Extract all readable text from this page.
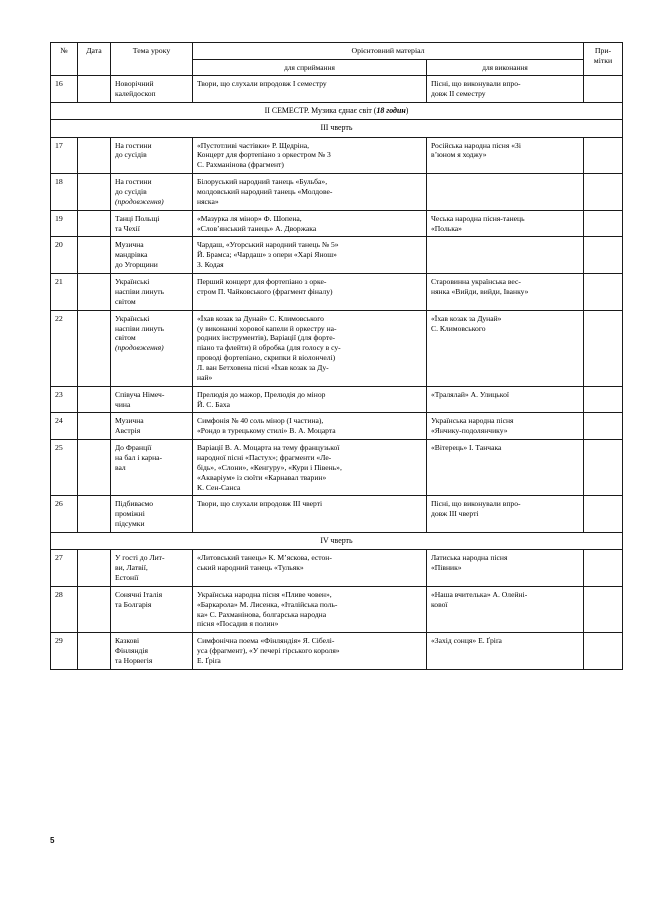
№	Дата	Тема уроку	Орієнтовний матеріал		При-
мітки
			для сприймання	для виконання	
16		Новорічний
калейдоскоп	Твори, що слухали впродовж I семестру	Пісні, що виконували впро-
довж II семестру	
II СЕМЕСТР. Музика єднає світ (18 годин)					
III чверть					
17		На гостини
до сусідів	«Пустотливі частівки» Р. Щедріна,
Концерт для фортепіано з оркестром № 3
С. Рахманінова (фрагмент)	Російська народна пісня «Зі
в’юном я ходжу»	
18		На гостини
до сусідів
(продовження)	Білоруський народний танець «Бульба»,
молдовський народний танець «Молдове-
няска»		
19		Танці Польщі
та Чехії	«Мазурка ля мінор» Ф. Шопена,
«Слов’янський танець» А. Дворжака	Чеська народна пісня-танець
«Полька»	
20		Музична
мандрівка
до Угорщини	Чардаш, «Угорський народний танець № 5»
Й. Брамса; «Чардаш» з опери «Харі Янош»
З. Кодая		
21		Українські
наспіви линуть
світом	Перший концерт для фортепіано з орке-
стром П. Чайковського (фрагмент фіналу)	Старовинна українська вес-
нянка «Вийди, вийди, Іванку»	
22		Українські
наспіви линуть
світом
(продовження)	«Їхав козак за Дунай» С. Климовського
(у виконанні хорової капели й оркестру на-
родних інструментів), Варіації (для форте-
піано та флейти) й обробка (для голосу в су-
проводі фортепіано, скрипки й віолончелі)
Л. ван Бетховена пісні «Їхав козак за Ду-
най»	«Їхав козак за Дунай»
С. Климовського	
23		Співуча Німеч-
чина	Прелюдія до мажор, Прелюдія до мінор
Й. С. Баха	«Тралялай» А. Улицької	
24		Музична
Австрія	Симфонія № 40 соль мінор (I частина),
«Рондо в турецькому стилі» В. А. Моцарта	Українська народна пісня
«Янчику-подолянчику»	
25		До Франції
на бал і карна-
вал	Варіації В. А. Моцарта на тему французької
народної пісні «Пастух»; фрагменти «Ле-
бідь», «Слони», «Кенгуру», «Кури і Півень»,
«Акваріум» із сюїти «Карнавал тварин»
К. Сен-Санса	«Вітерець» I. Танчака	
26		Підбиваємо
проміжні
підсумки	Твори, що слухали впродовж III чверті	Пісні, що виконували впро-
довж III чверті	
IV чверть					
27		У гості до Лит-
ви, Латвії,
Естонії	«Литовський танець» К. М’яскова, естон-
ський народний танець «Тульяк»	Латиська народна пісня
«Півник»	
28		Сонячні Італія
та Болгарія	Українська народна пісня «Пливе човен»,
«Баркарола» М. Лисенка, «Італійська поль-
ка» С. Рахманінова, болгарська народна
пісня «Посадив я полин»	«Наша вчителька» А. Олейні-
кової	
29		Казкові
Фінляндія
та Норвегія	Симфонічна поема «Фінляндія» Я. Сібелі-
уса (фрагмент), «У печері гірського короля»
Е. Ґріґа	«Захід сонця» Е. Ґріґа	
5
